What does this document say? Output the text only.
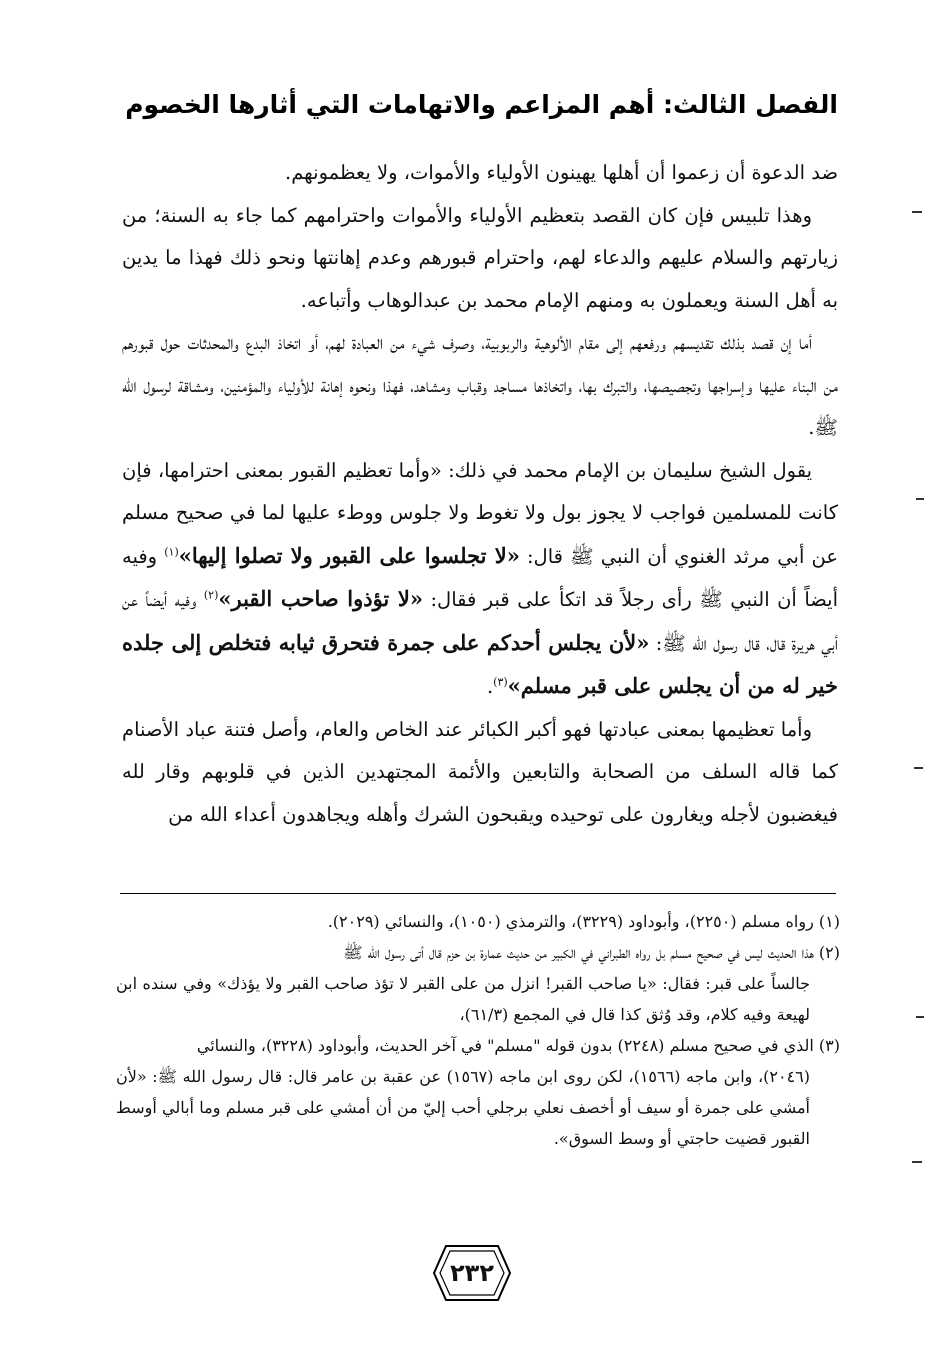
الفصل الثالث: أهم المزاعم والاتهامات التي أثارها الخصوم

ضد الدعوة أن زعموا أن أهلها يهينون الأولياء والأموات، ولا يعظمونهم.

وهذا تلبيس فإن كان القصد بتعظيم الأولياء والأموات واحترامهم كما جاء به السنة؛ من زيارتهم والسلام عليهم والدعاء لهم، واحترام قبورهم وعدم إهانتها ونحو ذلك فهذا ما يدين به أهل السنة ويعملون به ومنهم الإمام محمد بن عبدالوهاب وأتباعه.

أما إن قصد بذلك تقديسهم ورفعهم إلى مقام الألوهية والربوبية، وصرف شيء من العبادة لهم، أو اتخاذ البدع والمحدثات حول قبورهم من البناء عليها وإسراجها وتجصيصها، والتبرك بها، واتخاذها مساجد وقباب ومشاهد، فهذا ونحوه إهانة للأولياء والمؤمنين، ومشاقة لرسول الله ﷺ.

يقول الشيخ سليمان بن الإمام محمد في ذلك: «وأما تعظيم القبور بمعنى احترامها، فإن كانت للمسلمين فواجب لا يجوز بول ولا تغوط ولا جلوس ووطء عليها لما في صحيح مسلم عن أبي مرثد الغنوي أن النبي ﷺ قال: «لا تجلسوا على القبور ولا تصلوا إليها»$^{(١)}$ وفيه أيضاً أن النبي ﷺ رأى رجلاً قد اتكأ على قبر فقال: «لا تؤذوا صاحب القبر»$^{(٢)}$ وفيه أيضاً عن أبي هريرة قال، قال رسول الله ﷺ: «لأن يجلس أحدكم على جمرة فتحرق ثيابه فتخلص إلى جلده خير له من أن يجلس على قبر مسلم»$^{(٣)}$.

وأما تعظيمها بمعنى عبادتها فهو أكبر الكبائر عند الخاص والعام، وأصل فتنة عباد الأصنام كما قاله السلف من الصحابة والتابعين والأئمة المجتهدين الذين في قلوبهم وقار لله فيغضبون لأجله ويغارون على توحيده ويقبحون الشرك وأهله ويجاهدون أعداء الله من

(١) رواه مسلم (٢٢٥٠)، وأبوداود (٣٢٢٩)، والترمذي (١٠٥٠)، والنسائي (٢٠٢٩).

(٢) هذا الحديث ليس في صحيح مسلم بل رواه الطبراني في الكبير من حديث عمارة بن حزم قال أتى رسول الله ﷺ

جالساً على قبر: فقال: «يا صاحب القبر! انزل من على القبر لا تؤذ صاحب القبر ولا يؤذك» وفي سنده ابن لهيعة وفيه كلام، وقد وُثق كذا قال في المجمع (٦١/٣)،

(٣) الذي في صحيح مسلم (٢٢٤٨) بدون قوله "مسلم" في آخر الحديث، وأبوداود (٣٢٢٨)، والنسائي

(٢٠٤٦)، وابن ماجه (١٥٦٦)، لكن روى ابن ماجه (١٥٦٧) عن عقبة بن عامر قال: قال رسول الله ﷺ: «لأن أمشي على جمرة أو سيف أو أخصف نعلي برجلي أحب إليّ من أن أمشي على قبر مسلم وما أبالي أوسط القبور قضيت حاجتي أو وسط السوق».

٢٣٢
